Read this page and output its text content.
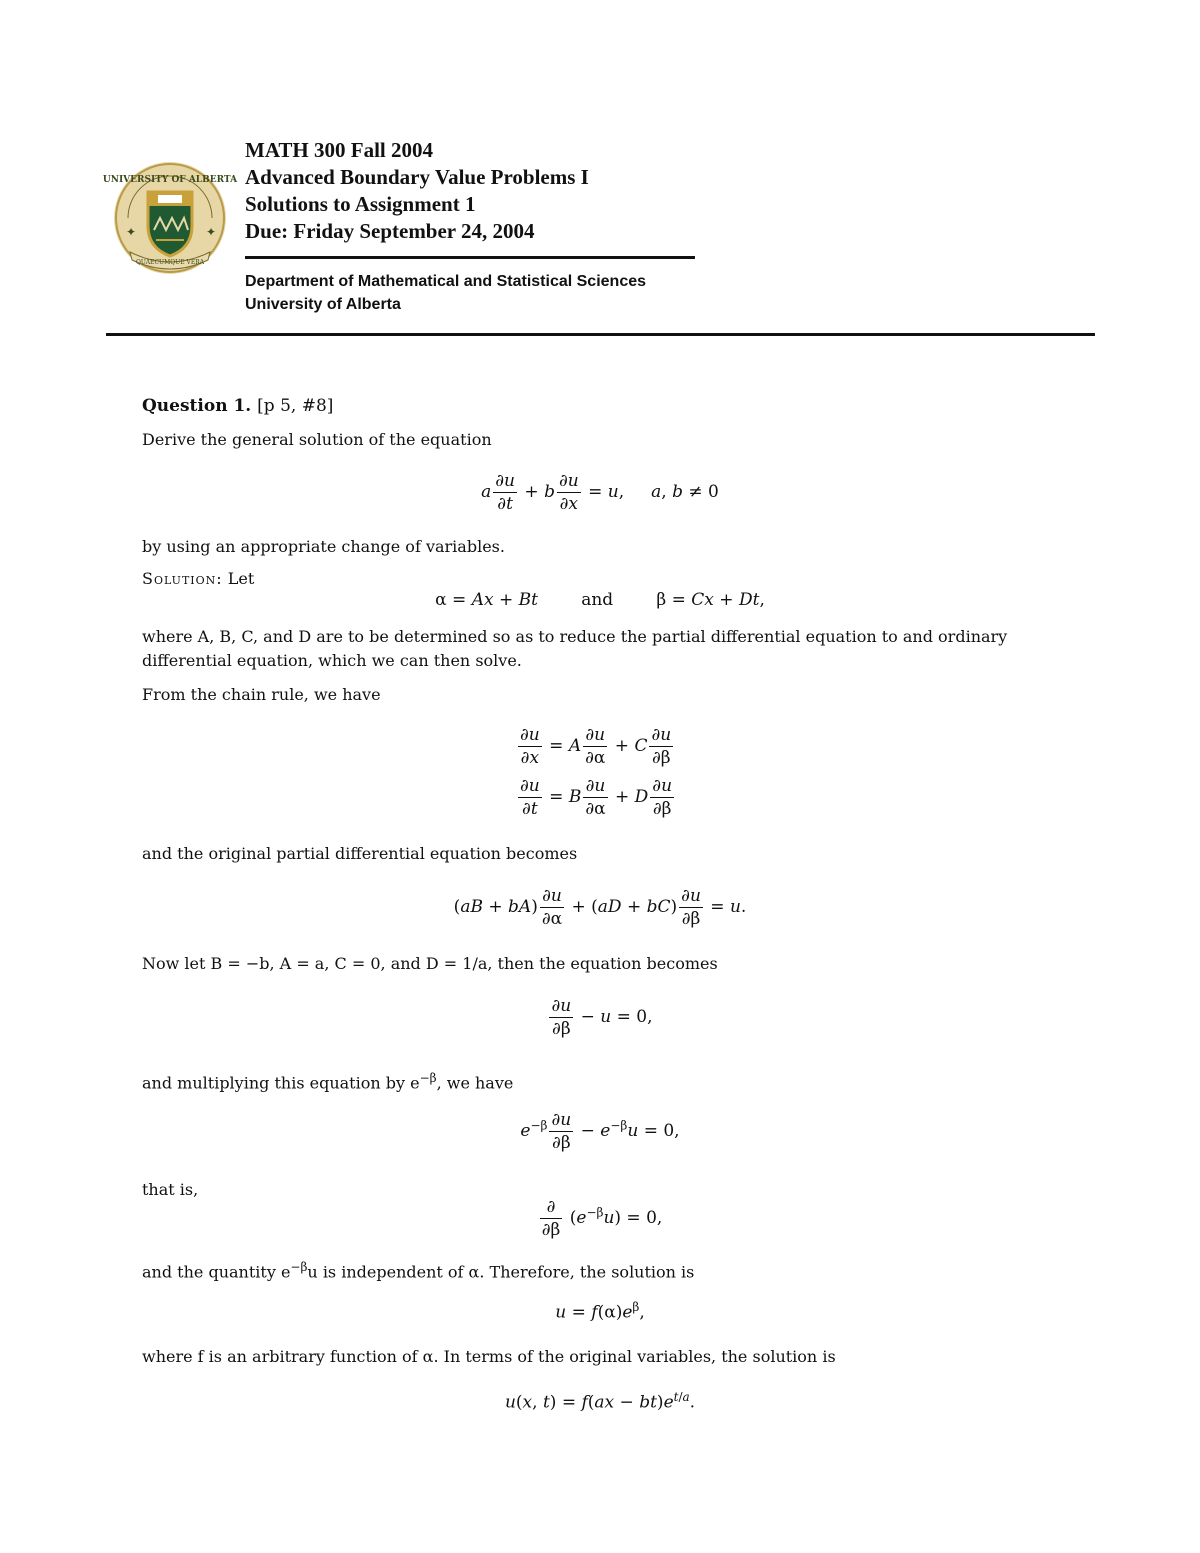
UNIVERSITY OF ALBERTA
QUAECUMQUE VERA
✦	✦
MATH 300 Fall 2004
Advanced Boundary Value Problems I
Solutions to Assignment 1
Due: Friday September 24, 2004
Department of Mathematical and Statistical Sciences
University of Alberta
Question 1. [p 5, #8]
Derive the general solution of the equation
a $\frac{\partial u}{\partial t} + b \frac{\partial u}{\partial x} = u$,     a, b ≠ 0
by using an appropriate change of variables.
Solution: Let
α = Ax + Bt	and        β = Cx + Dt,
where A, B, C, and D are to be determined so as to reduce the partial differential equation to and ordinary
differential equation, which we can then solve.
From the chain rule, we have
$\frac{\partial u}{\partial x} = A \frac{\partial u}{\partial\alpha} + C \frac{\partial u}{\partial\beta}$
$\frac{\partial u}{\partial t} = B \frac{\partial u}{\partial\alpha} + D \frac{\partial u}{\partial\beta}$
and the original partial differential equation becomes
$(aB + bA) \frac{\partial u}{\partial\alpha} + (aD + bC) \frac{\partial u}{\partial\beta} = u$.
Now let B = −b, A = a, C = 0, and D = 1/a, then the equation becomes
$\frac{\partial u}{\partial\beta} - u = 0$,
and multiplying this equation by $e^{-\beta}$, we have
$e^{-\beta} \frac{\partial u}{\partial\beta} - e^{-\beta}u = 0$,
that is,
$\frac{\partial}{\partial\beta} (e^{-\beta}u) = 0$,
and the quantity $e^{-\beta}u$ is independent of α. Therefore, the solution is
$u = f(\alpha)e^\beta$,
where f is an arbitrary function of α. In terms of the original variables, the solution is
u(x, $t) = f(ax - bt)e^{t/a}$.
